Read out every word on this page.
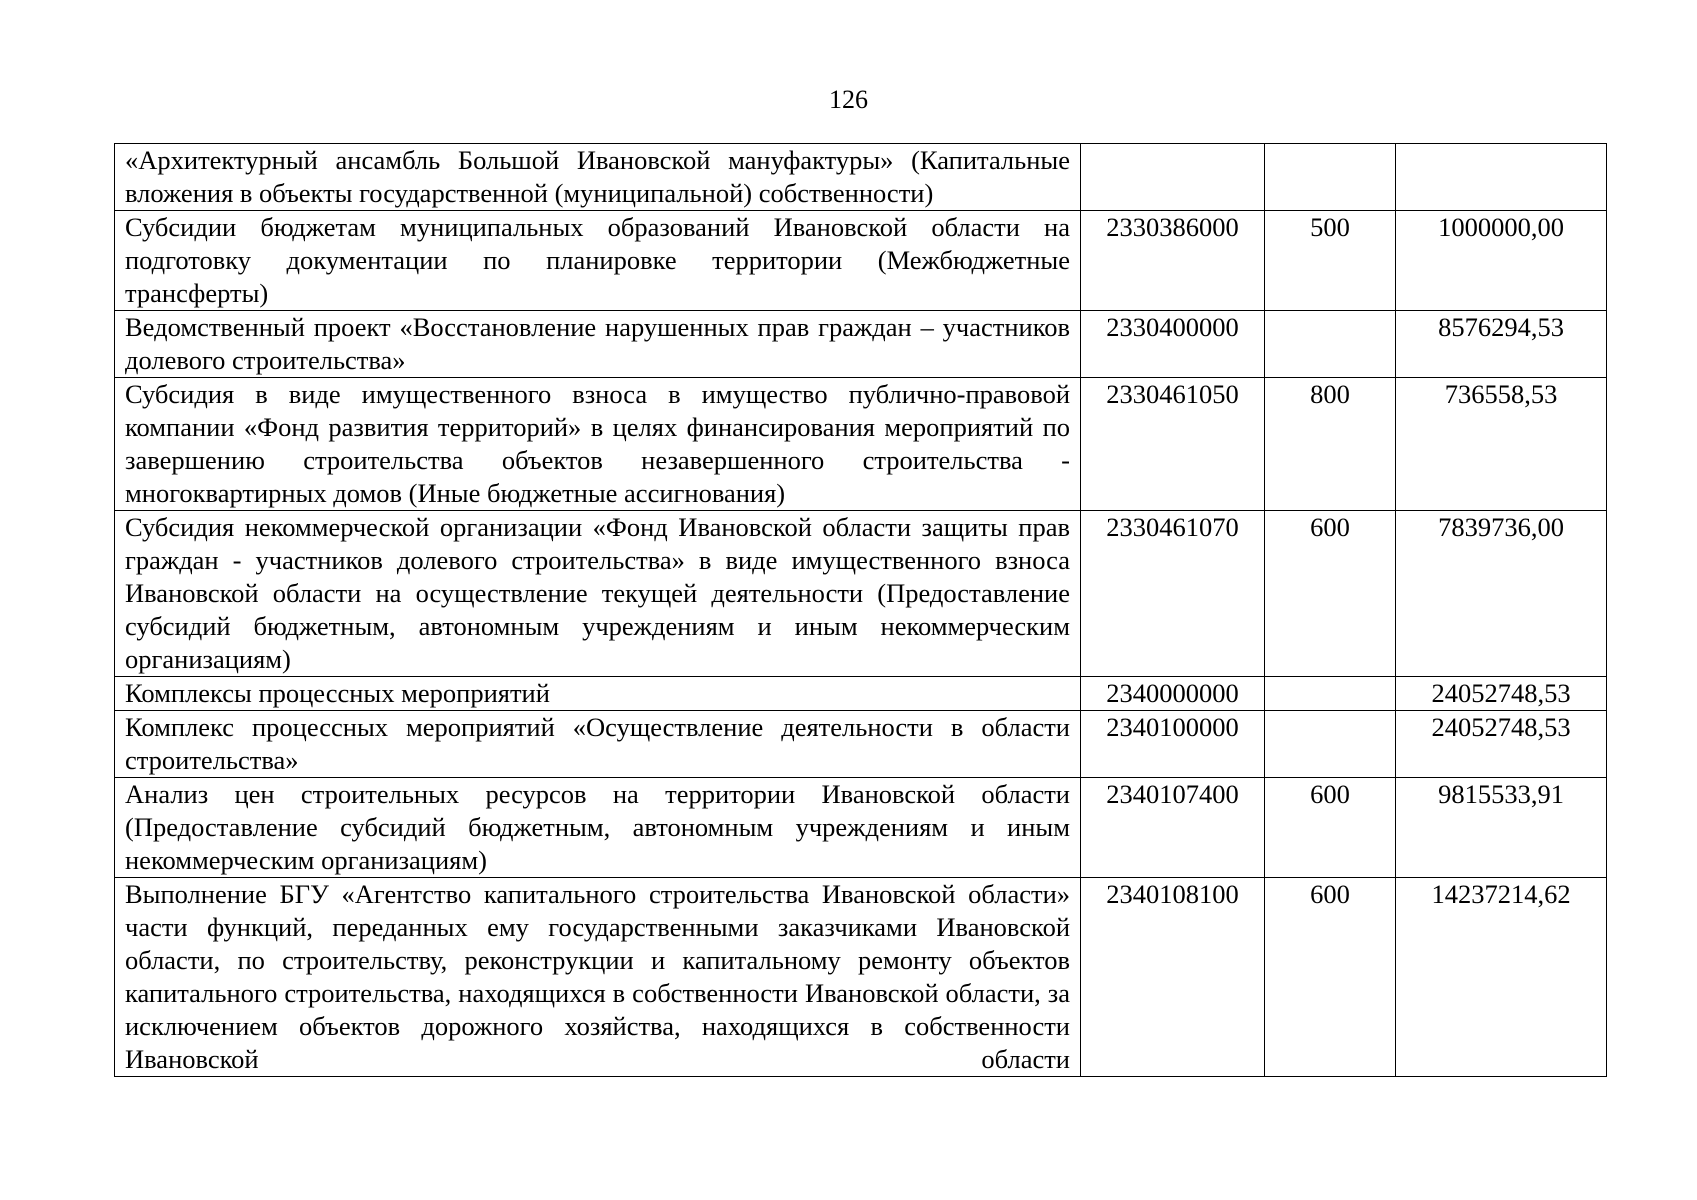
126
«Архитектурный ансамбль Большой Ивановской мануфактуры» (Капитальные вложения в объекты государственной (муниципальной) собственности)			
Субсидии бюджетам муниципальных образований Ивановской области на подготовку документации по планировке территории (Межбюджетные трансферты)	2330386000	500	1000000,00
Ведомственный проект «Восстановление нарушенных прав граждан – участников долевого строительства»	2330400000		8576294,53
Субсидия в виде имущественного взноса в имущество публично-правовой компании «Фонд развития территорий» в целях финансирования мероприятий по завершению строительства объектов незавершенного строительства - многоквартирных домов (Иные бюджетные ассигнования)	2330461050	800	736558,53
Субсидия некоммерческой организации «Фонд Ивановской области защиты прав граждан - участников долевого строительства» в виде имущественного взноса Ивановской области на осуществление текущей деятельности (Предоставление субсидий бюджетным, автономным учреждениям и иным некоммерческим организациям)	2330461070	600	7839736,00
Комплексы процессных мероприятий	2340000000		24052748,53
Комплекс процессных мероприятий «Осуществление деятельности в области строительства»	2340100000		24052748,53
Анализ цен строительных ресурсов на территории Ивановской области (Предоставление субсидий бюджетным, автономным учреждениям и иным некоммерческим организациям)	2340107400	600	9815533,91
Выполнение БГУ «Агентство капитального строительства Ивановской области» части функций, переданных ему государственными заказчиками Ивановской области, по строительству, реконструкции и капитальному ремонту объектов капитального строительства, находящихся в собственности Ивановской области, за исключением объектов дорожного хозяйства, находящихся в собственности Ивановской области	2340108100	600	14237214,62
